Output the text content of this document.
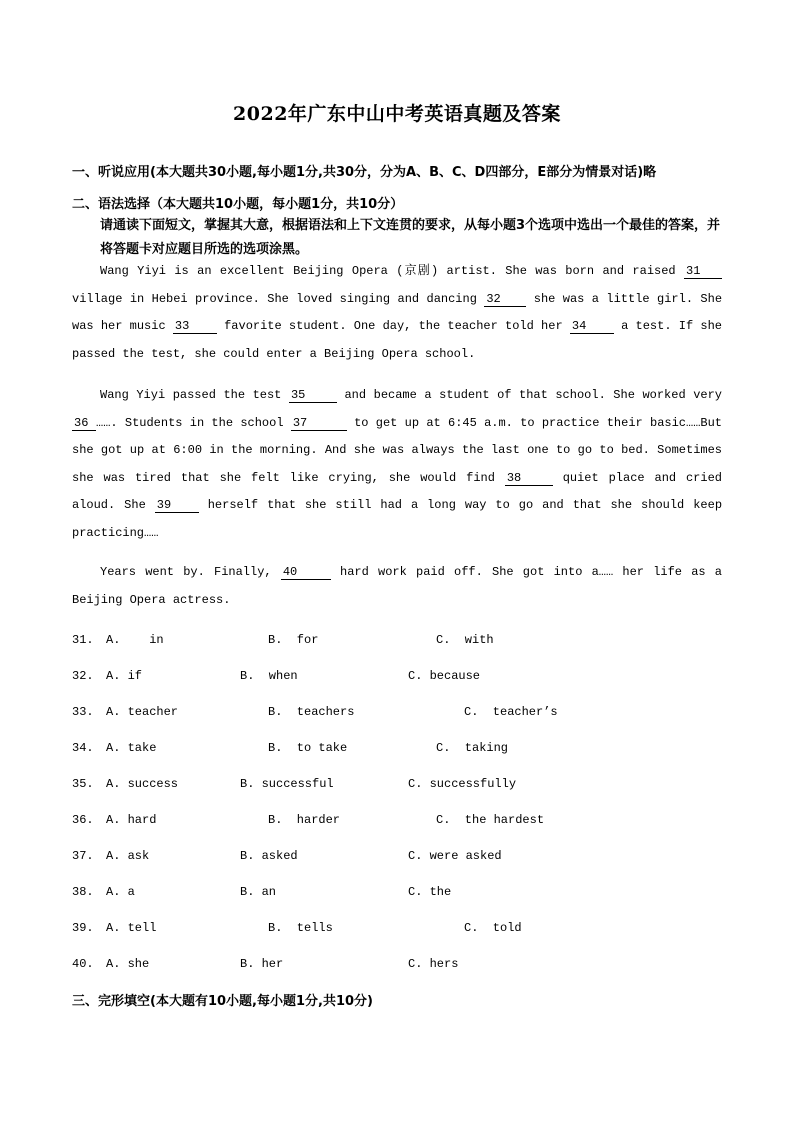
2022年广东中山中考英语真题及答案
一、听说应用(本大题共30小题,每小题1分,共30分，分为A、B、C、D四部分，E部分为情景对话)略
二、语法选择（本大题共10小题，每小题1分，共10分）
请通读下面短文，掌握其大意，根据语法和上下文连贯的要求，从每小题3个选项中选出一个最佳的答案，并将答题卡对应题目所选的选项涂黑。
Wang Yiyi is an excellent Beijing Opera (京剧) artist. She was born and raised 31 village in Hebei province. She loved singing and dancing 32	she was a little girl. She was her music 33	favorite student. One day, the teacher told her 34	a test. If she passed the test, she could enter a Beijing Opera school.
Wang Yiyi passed the test 35	and became a student of that school. She worked very 36 ……. Students in the school 37	to get up at 6:45 a.m. to practice their basic……But she got up at 6:00 in the morning. And she was always the last one to go to bed. Sometimes she was tired that she felt like crying, she would find 38	quiet place and cried aloud. She 39	herself that she still had a long way to go and that she should keep practicing……
Years went by. Finally, 40	hard work paid off. She got into a…… her life as a Beijing Opera actress.
31. A.    in	B.  for	C.  with
32. A. if	B.  when	C. because
33. A. teacher	B.  teachers	C.  teacher’s
34. A. take	B.  to take	C.  taking
35. A. success	B. successful	C. successfully
36. A. hard	B.  harder	C.  the hardest
37. A. ask	B. asked	C. were asked
38. A. a	B. an	C. the
39. A. tell	B.  tells	C.  told
40. A. she	B. her	C. hers
三、完形填空(本大题有10小题,每小题1分,共10分)
